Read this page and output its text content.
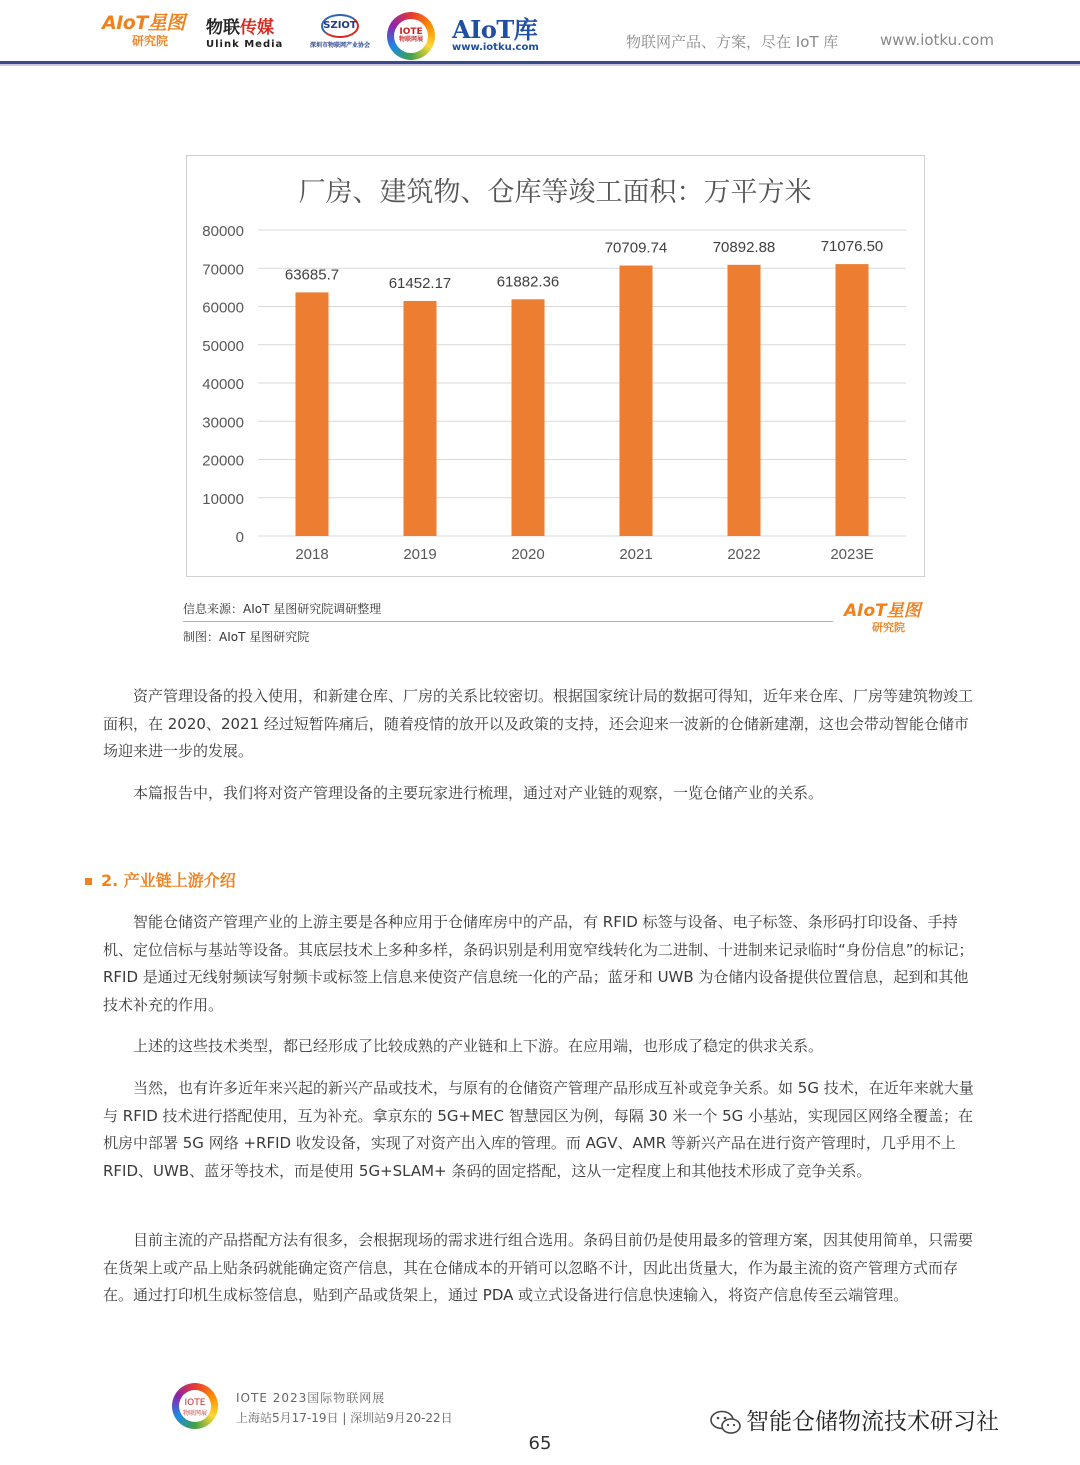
AIoT星图
研究院
物联传媒
Ulink Media
SZIOT
深圳市物联网产业协会
IOTE
物联网展 AIoT库
www.iotku.com	物联网产品、方案，尽在 IoT 库	www.iotku.com
厂房、建筑物、仓库等竣工面积：万平方米
0
10000
20000
30000
40000
50000
60000
70000
80000
63685.7
2018
61452.17
2019
61882.36
2020
70709.74
2021
70892.88
2022
71076.50
2023E
信息来源：AIoT 星图研究院调研整理
制图：AIoT 星图研究院
AIoT星图
研究院

资产管理设备的投入使用，和新建仓库、厂房的关系比较密切。根据国家统计局的数据可得知，近年来仓库、厂房等建筑物竣工面积，在 2020、2021 经过短暂阵痛后，随着疫情的放开以及政策的支持，还会迎来一波新的仓储新建潮，这也会带动智能仓储市场迎来进一步的发展。

本篇报告中，我们将对资产管理设备的主要玩家进行梳理，通过对产业链的观察，一览仓储产业的关系。

2. 产业链上游介绍

智能仓储资产管理产业的上游主要是各种应用于仓储库房中的产品，有 RFID 标签与设备、电子标签、条形码打印设备、手持机、定位信标与基站等设备。其底层技术上多种多样，条码识别是利用宽窄线转化为二进制、十进制来记录临时“身份信息”的标记；RFID 是通过无线射频读写射频卡或标签上信息来使资产信息统一化的产品；蓝牙和 UWB 为仓储内设备提供位置信息，起到和其他技术补充的作用。

上述的这些技术类型，都已经形成了比较成熟的产业链和上下游。在应用端，也形成了稳定的供求关系。

当然，也有许多近年来兴起的新兴产品或技术，与原有的仓储资产管理产品形成互补或竞争关系。如 5G 技术，在近年来就大量与 RFID 技术进行搭配使用，互为补充。拿京东的 5G+MEC 智慧园区为例，每隔 30 米一个 5G 小基站，实现园区网络全覆盖；在机房中部署 5G 网络 +RFID 收发设备，实现了对资产出入库的管理。而 AGV、AMR 等新兴产品在进行资产管理时，几乎用不上 RFID、UWB、蓝牙等技术，而是使用 5G+SLAM+ 条码的固定搭配，这从一定程度上和其他技术形成了竞争关系。

目前主流的产品搭配方法有很多，会根据现场的需求进行组合选用。条码目前仍是使用最多的管理方案，因其使用简单，只需要在货架上或产品上贴条码就能确定资产信息，其在仓储成本的开销可以忽略不计，因此出货量大，作为最主流的资产管理方式而存在。通过打印机生成标签信息，贴到产品或货架上，通过 PDA 或立式设备进行信息快速输入，将资产信息传至云端管理。

IOTE
物联网展
IOTE 2023国际物联网展
上海站5月17-19日 | 深圳站9月20-22日	智能仓储物流技术研习社
65
